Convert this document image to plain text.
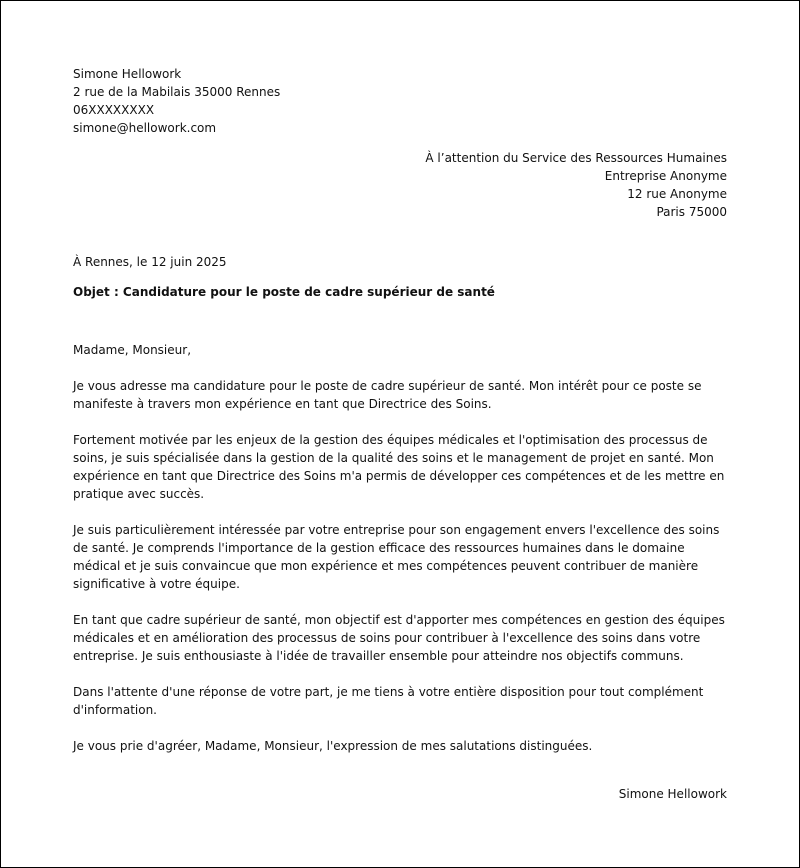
Simone Hellowork
2 rue de la Mabilais 35000 Rennes
06XXXXXXXX
simone@hellowork.com
À l’attention du Service des Ressources Humaines
Entreprise Anonyme
12 rue Anonyme
Paris 75000
À Rennes, le 12 juin 2025
Objet : Candidature pour le poste de cadre supérieur de santé

Madame, Monsieur,

Je vous adresse ma candidature pour le poste de cadre supérieur de santé. Mon intérêt pour ce poste se manifeste à travers mon expérience en tant que Directrice des Soins.

Fortement motivée par les enjeux de la gestion des équipes médicales et l'optimisation des processus de soins, je suis spécialisée dans la gestion de la qualité des soins et le management de projet en santé. Mon expérience en tant que Directrice des Soins m'a permis de développer ces compétences et de les mettre en pratique avec succès.

Je suis particulièrement intéressée par votre entreprise pour son engagement envers l'excellence des soins de santé. Je comprends l'importance de la gestion efficace des ressources humaines dans le domaine médical et je suis convaincue que mon expérience et mes compétences peuvent contribuer de manière significative à votre équipe.

En tant que cadre supérieur de santé, mon objectif est d'apporter mes compétences en gestion des équipes médicales et en amélioration des processus de soins pour contribuer à l'excellence des soins dans votre entreprise. Je suis enthousiaste à l'idée de travailler ensemble pour atteindre nos objectifs communs.

Dans l'attente d'une réponse de votre part, je me tiens à votre entière disposition pour tout complément d'information.

Je vous prie d'agréer, Madame, Monsieur, l'expression de mes salutations distinguées.

Simone Hellowork
